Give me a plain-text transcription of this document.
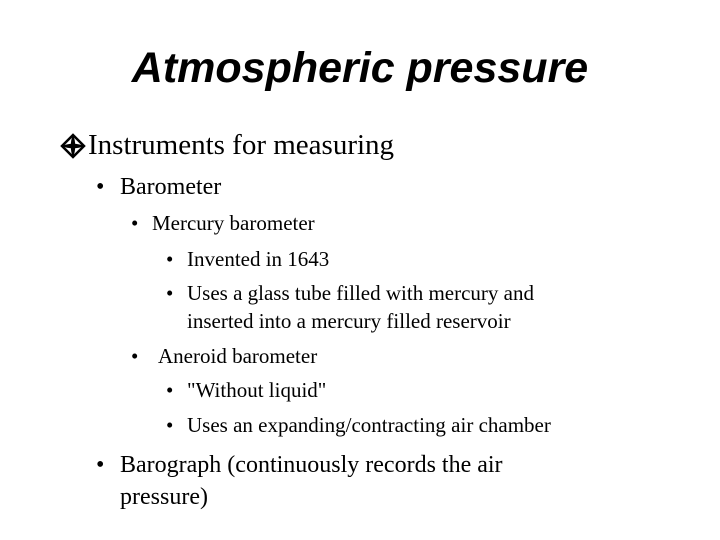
Atmospheric pressure

Instruments for measuring

• Barometer

• Mercury barometer

• Invented in 1643

• Uses a glass tube filled with mercury and

inserted into a mercury filled reservoir

• Aneroid barometer

• "Without liquid"

• Uses an expanding/contracting air chamber

• Barograph (continuously records the air

pressure)
